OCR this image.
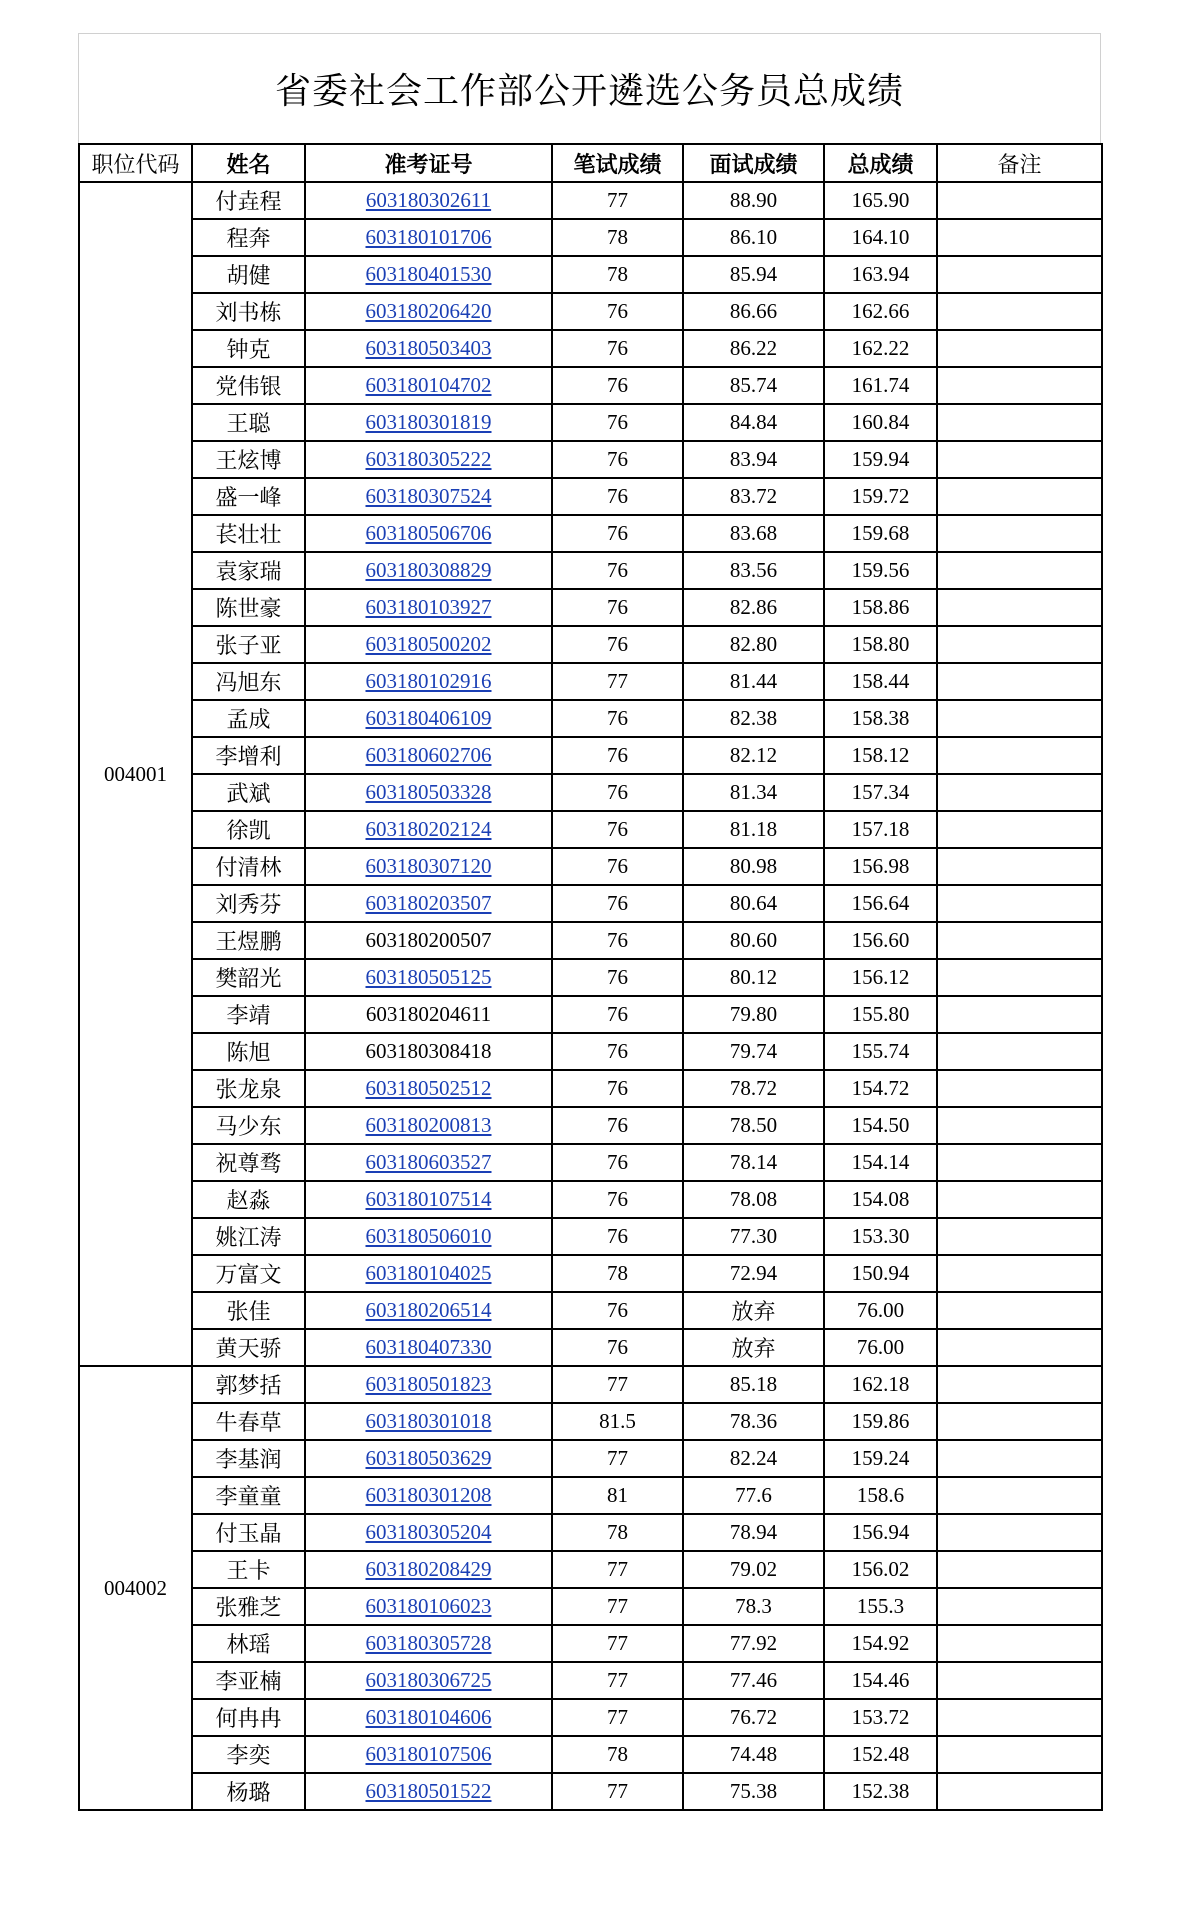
省委社会工作部公开遴选公务员总成绩
职位代码	姓名	准考证号	笔试成绩	面试成绩	总成绩	备注
004001	付垚程	603180302611	77	88.90	165.90	
	程奔	603180101706	78	86.10	164.10	
	胡健	603180401530	78	85.94	163.94	
	刘书栋	603180206420	76	86.66	162.66	
	钟克	603180503403	76	86.22	162.22	
	党伟银	603180104702	76	85.74	161.74	
	王聪	603180301819	76	84.84	160.84	
	王炫博	603180305222	76	83.94	159.94	
	盛一峰	603180307524	76	83.72	159.72	
	苌壮壮	603180506706	76	83.68	159.68	
	袁家瑞	603180308829	76	83.56	159.56	
	陈世豪	603180103927	76	82.86	158.86	
	张子亚	603180500202	76	82.80	158.80	
	冯旭东	603180102916	77	81.44	158.44	
	孟成	603180406109	76	82.38	158.38	
	李增利	603180602706	76	82.12	158.12	
	武斌	603180503328	76	81.34	157.34	
	徐凯	603180202124	76	81.18	157.18	
	付清林	603180307120	76	80.98	156.98	
	刘秀芬	603180203507	76	80.64	156.64	
	王煜鹏	603180200507	76	80.60	156.60	
	樊韶光	603180505125	76	80.12	156.12	
	李靖	603180204611	76	79.80	155.80	
	陈旭	603180308418	76	79.74	155.74	
	张龙泉	603180502512	76	78.72	154.72	
	马少东	603180200813	76	78.50	154.50	
	祝尊骛	603180603527	76	78.14	154.14	
	赵淼	603180107514	76	78.08	154.08	
	姚江涛	603180506010	76	77.30	153.30	
	万富文	603180104025	78	72.94	150.94	
	张佳	603180206514	76	放弃	76.00	
	黄天骄	603180407330	76	放弃	76.00	
004002	郭梦括	603180501823	77	85.18	162.18	
	牛春草	603180301018	81.5	78.36	159.86	
	李基润	603180503629	77	82.24	159.24	
	李童童	603180301208	81	77.6	158.6	
	付玉晶	603180305204	78	78.94	156.94	
	王卡	603180208429	77	79.02	156.02	
	张雅芝	603180106023	77	78.3	155.3	
	林瑶	603180305728	77	77.92	154.92	
	李亚楠	603180306725	77	77.46	154.46	
	何冉冉	603180104606	77	76.72	153.72	
	李奕	603180107506	78	74.48	152.48	
	杨璐	603180501522	77	75.38	152.38	
